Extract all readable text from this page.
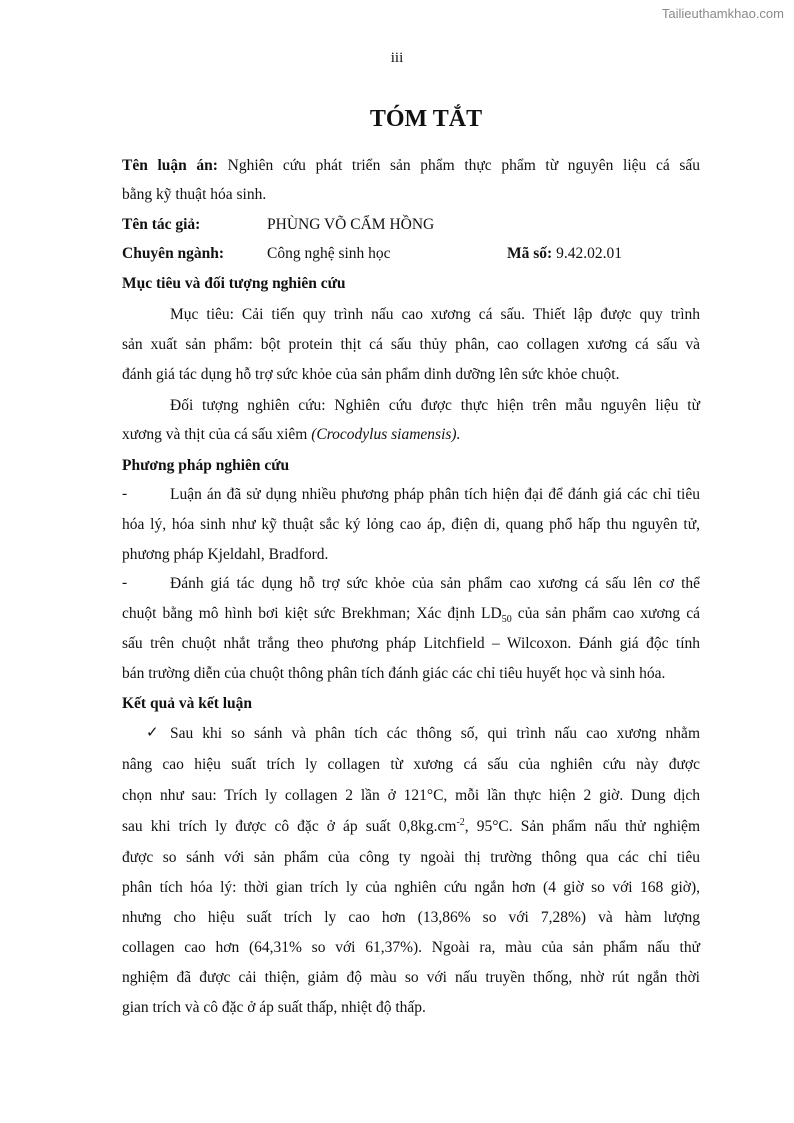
Tailieuthamkhao.com
iii
TÓM TẮT
Tên luận án: Nghiên cứu phát triển sản phẩm thực phẩm từ nguyên liệu cá sấu
bằng kỹ thuật hóa sinh.
Tên tác giả:	PHÙNG VÕ CẨM HỒNG
Chuyên ngành:	Công nghệ sinh học	Mã số: 9.42.02.01
Mục tiêu và đối tượng nghiên cứu
Mục tiêu: Cải tiến quy trình nấu cao xương cá sấu. Thiết lập được quy trình
sản xuất sản phẩm: bột protein thịt cá sấu thủy phân, cao collagen xương cá sấu và
đánh giá tác dụng hỗ trợ sức khỏe của sản phẩm dinh dưỡng lên sức khỏe chuột.
Đối tượng nghiên cứu: Nghiên cứu được thực hiện trên mẫu nguyên liệu từ
xương và thịt của cá sấu xiêm (Crocodylus siamensis).
Phương pháp nghiên cứu
-	Luận án đã sử dụng nhiều phương pháp phân tích hiện đại để đánh giá các chỉ tiêu
hóa lý, hóa sinh như kỹ thuật sắc ký lỏng cao áp, điện di, quang phổ hấp thu nguyên tử,
phương pháp Kjeldahl, Bradford.
-	Đánh giá tác dụng hỗ trợ sức khỏe của sản phẩm cao xương cá sấu lên cơ thể
chuột bằng mô hình bơi kiệt sức Brekhman; Xác định $LD_{50}$ của sản phẩm cao xương cá
sấu trên chuột nhắt trắng theo phương pháp Litchfield – Wilcoxon. Đánh giá độc tính
bán trường diễn của chuột thông phân tích đánh giác các chỉ tiêu huyết học và sinh hóa.
Kết quả và kết luận
✓ Sau khi so sánh và phân tích các thông số, qui trình nấu cao xương nhằm
nâng cao hiệu suất trích ly collagen từ xương cá sấu của nghiên cứu này được
chọn như sau: Trích ly collagen 2 lần ở 121°C, mỗi lần thực hiện 2 giờ. Dung dịch
sau khi trích ly được cô đặc ở áp suất $0,8kg.cm^{-2}$, 95°C. Sản phẩm nấu thử nghiệm
được so sánh với sản phẩm của công ty ngoài thị trường thông qua các chỉ tiêu
phân tích hóa lý: thời gian trích ly của nghiên cứu ngắn hơn (4 giờ so với 168 giờ),
nhưng cho hiệu suất trích ly cao hơn (13,86% so với 7,28%) và hàm lượng
collagen cao hơn (64,31% so với 61,37%). Ngoài ra, màu của sản phẩm nấu thử
nghiệm đã được cải thiện, giảm độ màu so với nấu truyền thống, nhờ rút ngắn thời
gian trích và cô đặc ở áp suất thấp, nhiệt độ thấp.
